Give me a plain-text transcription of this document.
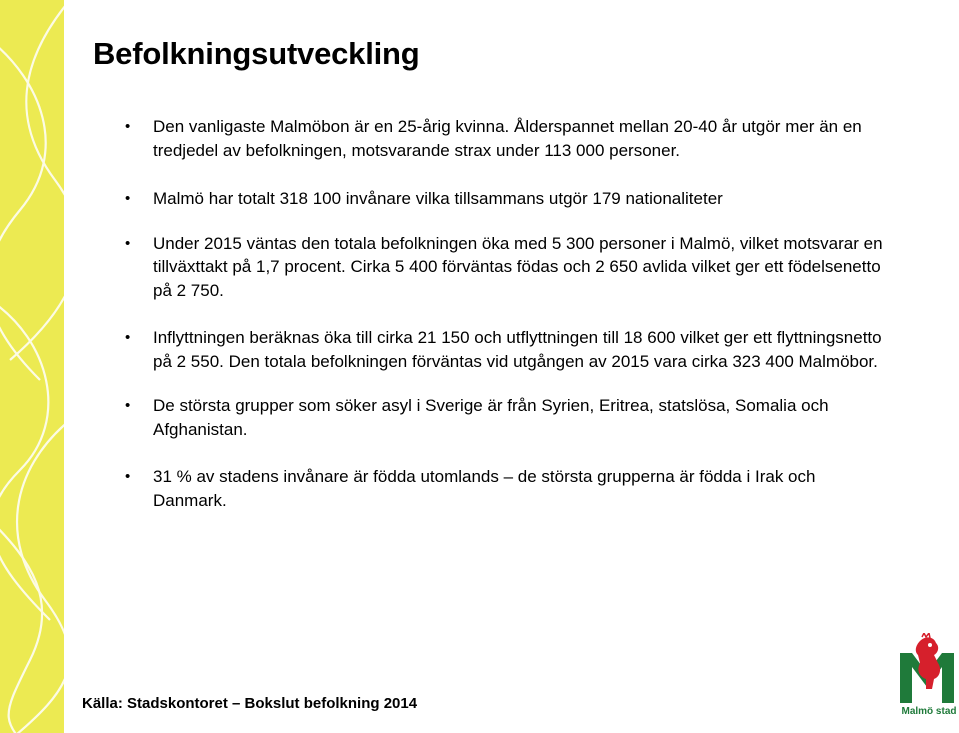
Befolkningsutveckling
• Den vanligaste Malmöbon är en 25-årig kvinna. Ålderspannet mellan 20-40 år utgör mer än en tredjedel av befolkningen, motsvarande strax under 113 000 personer.
• Malmö har totalt 318 100 invånare vilka tillsammans utgör 179 nationaliteter
• Under 2015 väntas den totala befolkningen öka med 5 300 personer i Malmö, vilket motsvarar en tillväxttakt på 1,7 procent. Cirka 5 400 förväntas födas och 2 650 avlida vilket ger ett födelsenetto på 2 750.
• Inflyttningen beräknas öka till cirka 21 150 och utflyttningen till 18 600 vilket ger ett flyttningsnetto på 2 550. Den totala befolkningen förväntas vid utgången av 2015 vara cirka 323 400 Malmöbor.
• De största grupper som söker asyl i Sverige är från Syrien, Eritrea, statslösa, Somalia och Afghanistan.
• 31 % av stadens invånare är födda utomlands – de största grupperna är födda i Irak och Danmark.

Källa: Stadskontoret – Bokslut befolkning 2014	Malmö stad
